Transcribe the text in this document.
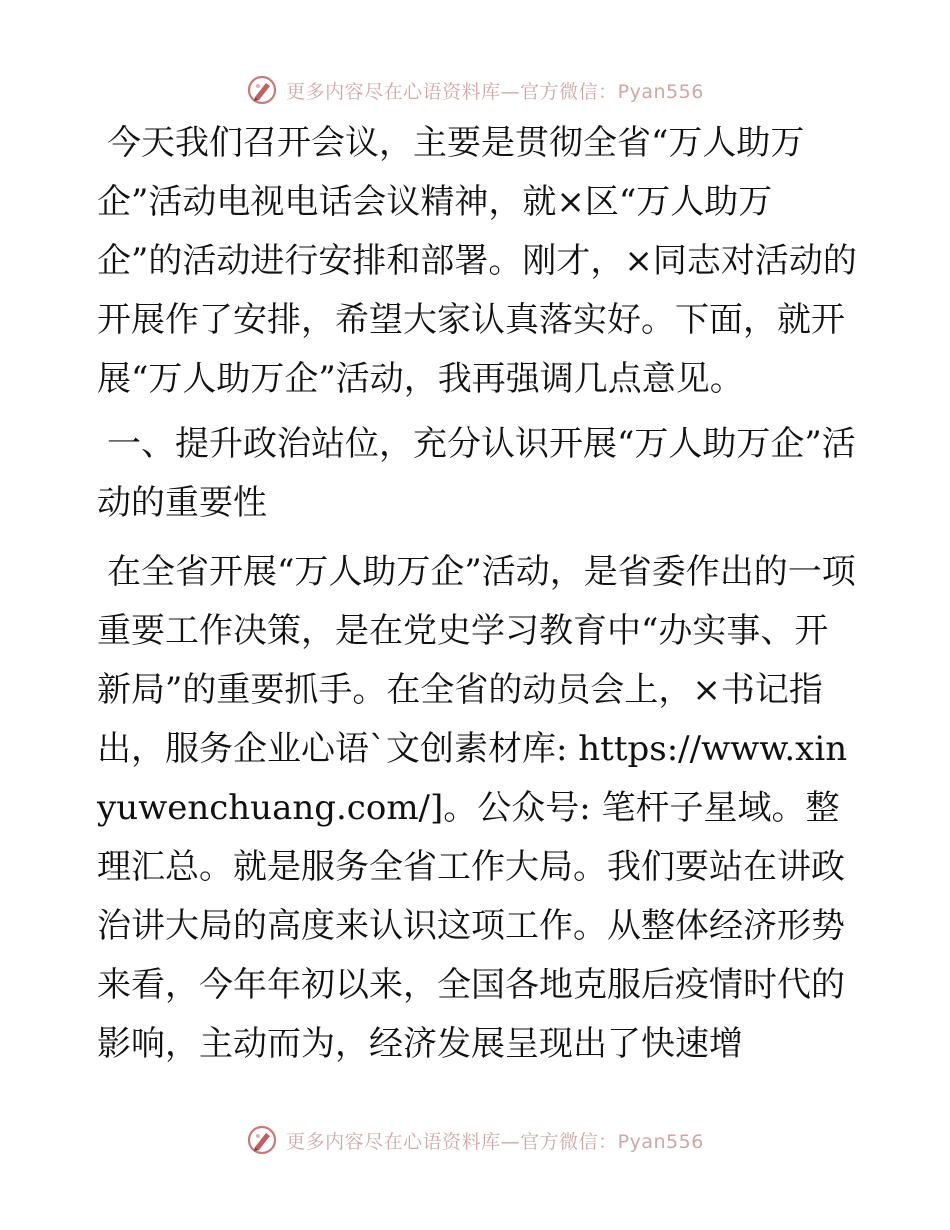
更多内容尽在心语资料库—官方微信：Pyan556

今天我们召开会议，主要是贯彻全省“万人助万企”活动电视电话会议精神，就×区“万人助万企”的活动进行安排和部署。刚才，×同志对活动的开展作了安排，希望大家认真落实好。下面，就开展“万人助万企”活动，我再强调几点意见。

一、提升政治站位，充分认识开展“万人助万企”活动的重要性

在全省开展“万人助万企”活动，是省委作出的一项重要工作决策，是在党史学习教育中“办实事、开新局”的重要抓手。在全省的动员会上，×书记指出，服务企业心语`文创素材库: https://www.xinyuwenchuang.com/]。公众号: 笔杆子星域。整理汇总。就是服务全省工作大局。我们要站在讲政治讲大局的高度来认识这项工作。从整体经济形势来看，今年年初以来，全国各地克服后疫情时代的影响，主动而为，经济发展呈现出了快速增

更多内容尽在心语资料库—官方微信：Pyan556
